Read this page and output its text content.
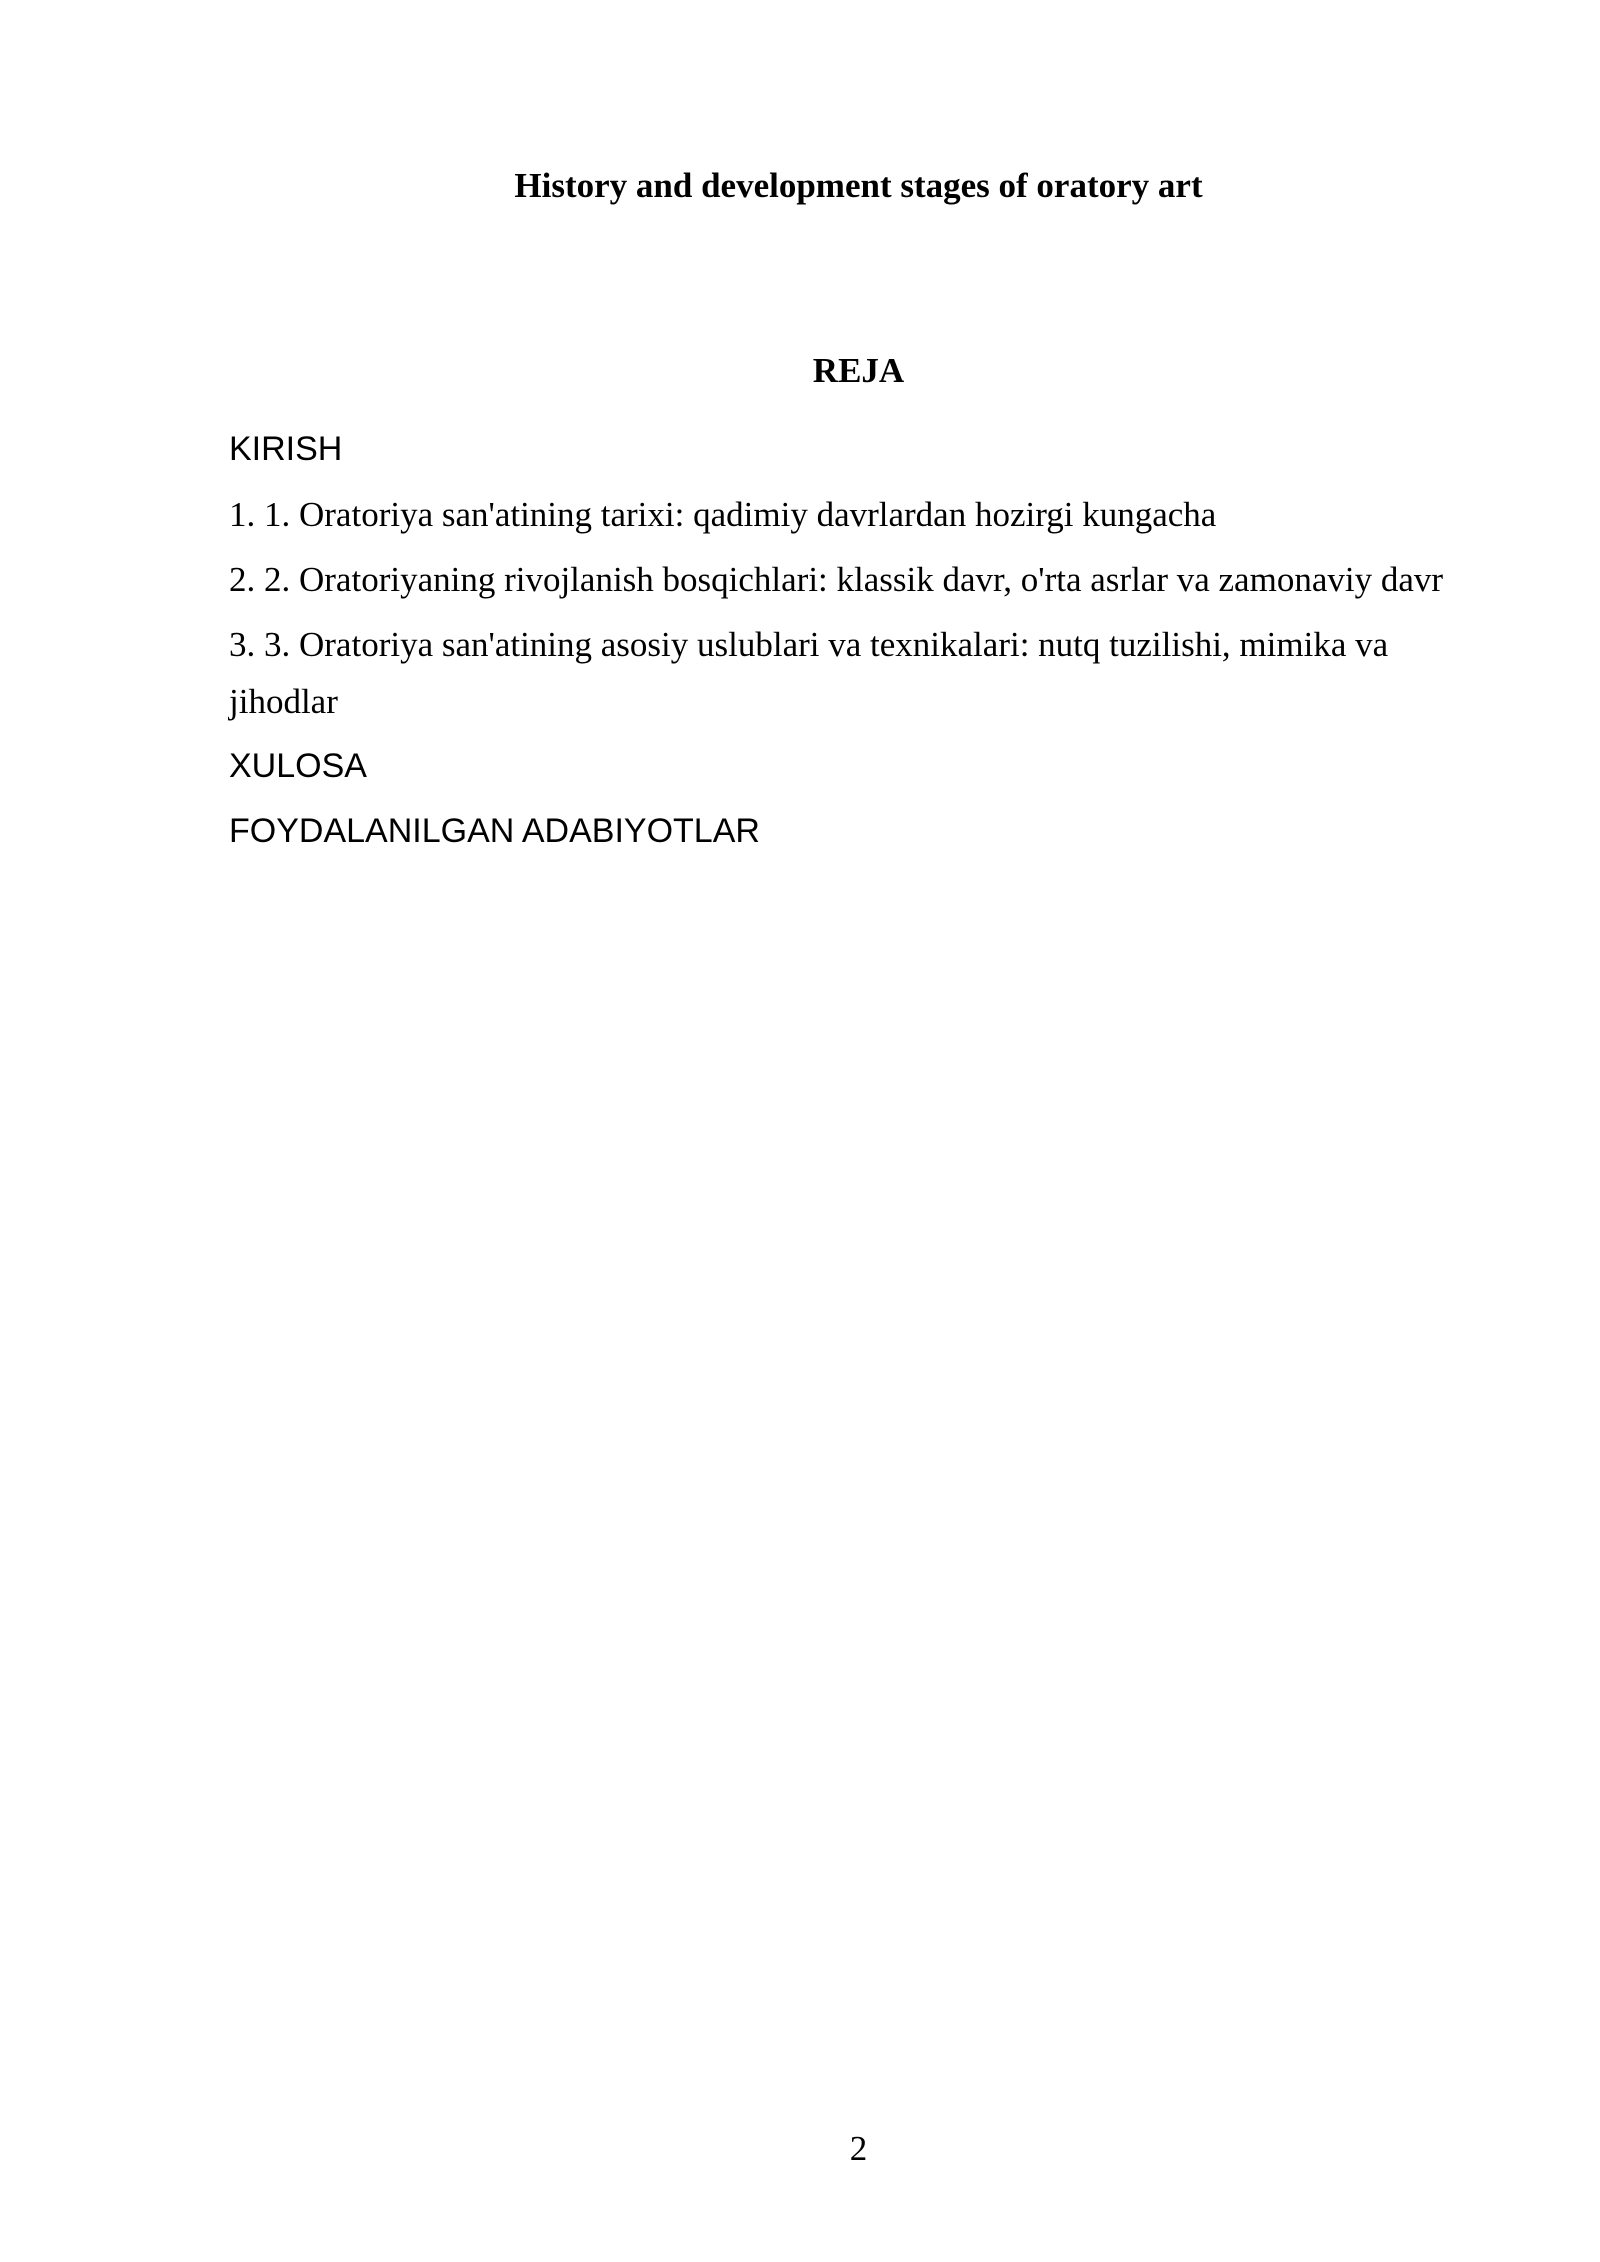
History and development stages of oratory art
REJA
KIRISH
1. 1. Oratoriya san'atining tarixi: qadimiy davrlardan hozirgi kungacha
2. 2. Oratoriyaning rivojlanish bosqichlari: klassik davr, o'rta asrlar va zamonaviy davr
3. 3. Oratoriya san'atining asosiy uslublari va texnikalari: nutq tuzilishi, mimika va jihodlar
XULOSA
FOYDALANILGAN ADABIYOTLAR

2
